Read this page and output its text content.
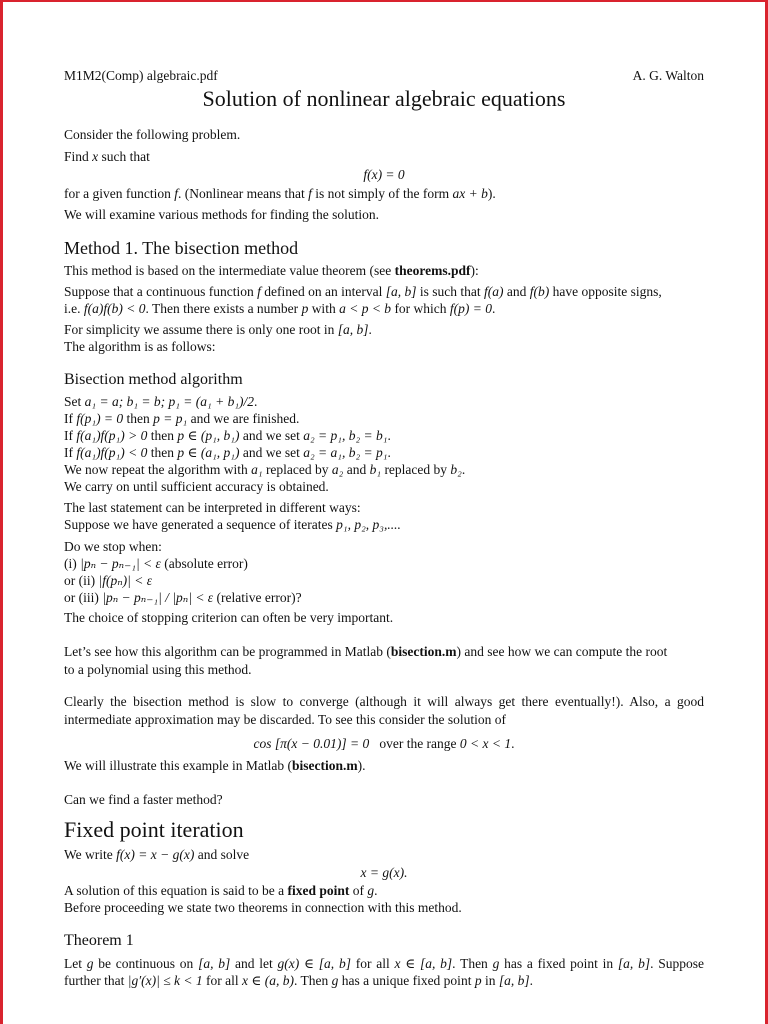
M1M2(Comp) algebraic.pdf	A. G. Walton
Solution of nonlinear algebraic equations
Consider the following problem.
Find x such that
f(x) = 0
for a given function f. (Nonlinear means that f is not simply of the form ax + b).
We will examine various methods for finding the solution.
Method 1. The bisection method
This method is based on the intermediate value theorem (see theorems.pdf):
Suppose that a continuous function f defined on an interval [a, b] is such that f(a) and f(b) have opposite signs,
i.e. f(a)f(b) < 0. Then there exists a number p with a < p < b for which f(p) = 0.
For simplicity we assume there is only one root in [a, b].
The algorithm is as follows:
Bisection method algorithm
Set a₁ = a; b₁ = b; p₁ = (a₁ + b₁)/2.
If f(p₁) = 0 then p = p₁ and we are finished.
If f(a₁)f(p₁) > 0 then p ∈ (p₁, b₁) and we set a₂ = p₁, b₂ = b₁.
If f(a₁)f(p₁) < 0 then p ∈ (a₁, p₁) and we set a₂ = a₁, b₂ = p₁.
We now repeat the algorithm with a₁ replaced by a₂ and b₁ replaced by b₂.
We carry on until sufficient accuracy is obtained.
The last statement can be interpreted in different ways:
Suppose we have generated a sequence of iterates p₁, p₂, p₃,....
Do we stop when:
(i) |pₙ − pₙ₋₁| < ε (absolute error)
or (ii) |f(pₙ)| < ε
or (iii) |pₙ − pₙ₋₁| / |pₙ| < ε (relative error)?
The choice of stopping criterion can often be very important.
Let’s see how this algorithm can be programmed in Matlab (bisection.m) and see how we can compute the root
to a polynomial using this method.
Clearly the bisection method is slow to converge (although it will always get there eventually!). Also, a good
intermediate approximation may be discarded. To see this consider the solution of
cos [π(x − 0.01)] = 0   over the range 0 < x < 1.
We will illustrate this example in Matlab (bisection.m).
Can we find a faster method?
Fixed point iteration
We write f(x) = x − g(x) and solve
x = g(x).
A solution of this equation is said to be a fixed point of g.
Before proceeding we state two theorems in connection with this method.
Theorem 1
Let g be continuous on [a, b] and let g(x) ∈ [a, b] for all x ∈ [a, b]. Then g has a fixed point in [a, b]. Suppose
further that |g′(x)| ≤ k < 1 for all x ∈ (a, b). Then g has a unique fixed point p in [a, b].
